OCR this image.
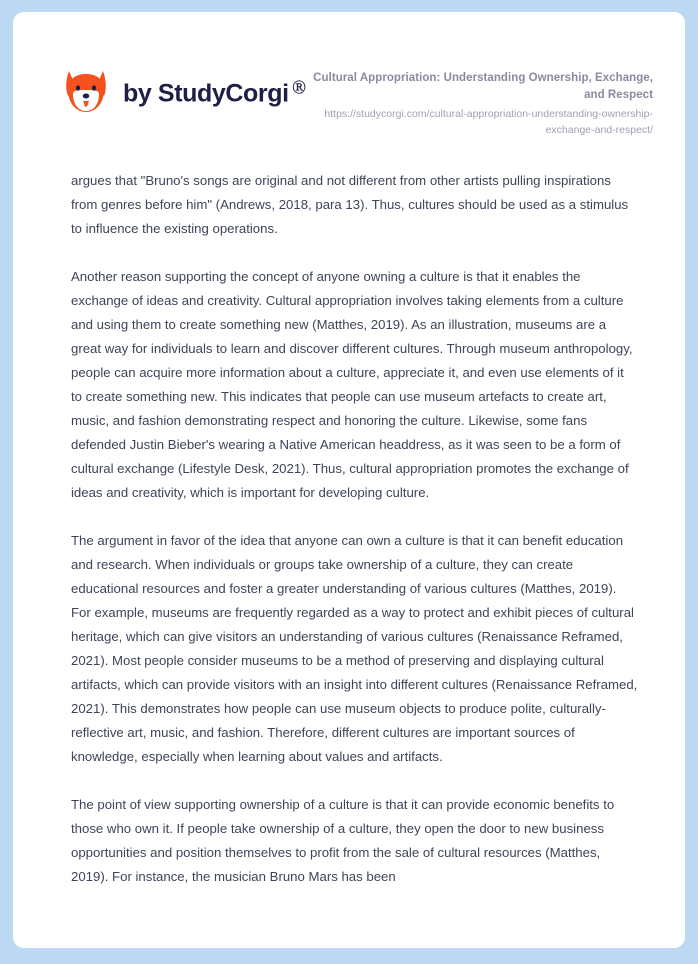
by StudyCorgi Ⓡ
Cultural Appropriation: Understanding Ownership, Exchange, and Respect
https://studycorgi.com/cultural-appropriation-understanding-ownership-exchange-and-respect/

argues that "Bruno's songs are original and not different from other artists pulling inspirations from genres before him" (Andrews, 2018, para 13). Thus, cultures should be used as a stimulus to influence the existing operations.

Another reason supporting the concept of anyone owning a culture is that it enables the exchange of ideas and creativity. Cultural appropriation involves taking elements from a culture and using them to create something new (Matthes, 2019). As an illustration, museums are a great way for individuals to learn and discover different cultures. Through museum anthropology, people can acquire more information about a culture, appreciate it, and even use elements of it to create something new. This indicates that people can use museum artefacts to create art, music, and fashion demonstrating respect and honoring the culture. Likewise, some fans defended Justin Bieber's wearing a Native American headdress, as it was seen to be a form of cultural exchange (Lifestyle Desk, 2021). Thus, cultural appropriation promotes the exchange of ideas and creativity, which is important for developing culture.

The argument in favor of the idea that anyone can own a culture is that it can benefit education and research. When individuals or groups take ownership of a culture, they can create educational resources and foster a greater understanding of various cultures (Matthes, 2019). For example, museums are frequently regarded as a way to protect and exhibit pieces of cultural heritage, which can give visitors an understanding of various cultures (Renaissance Reframed, 2021). Most people consider museums to be a method of preserving and displaying cultural artifacts, which can provide visitors with an insight into different cultures (Renaissance Reframed, 2021). This demonstrates how people can use museum objects to produce polite, culturally-reflective art, music, and fashion. Therefore, different cultures are important sources of knowledge, especially when learning about values and artifacts.

The point of view supporting ownership of a culture is that it can provide economic benefits to those who own it. If people take ownership of a culture, they open the door to new business opportunities and position themselves to profit from the sale of cultural resources (Matthes, 2019). For instance, the musician Bruno Mars has been
